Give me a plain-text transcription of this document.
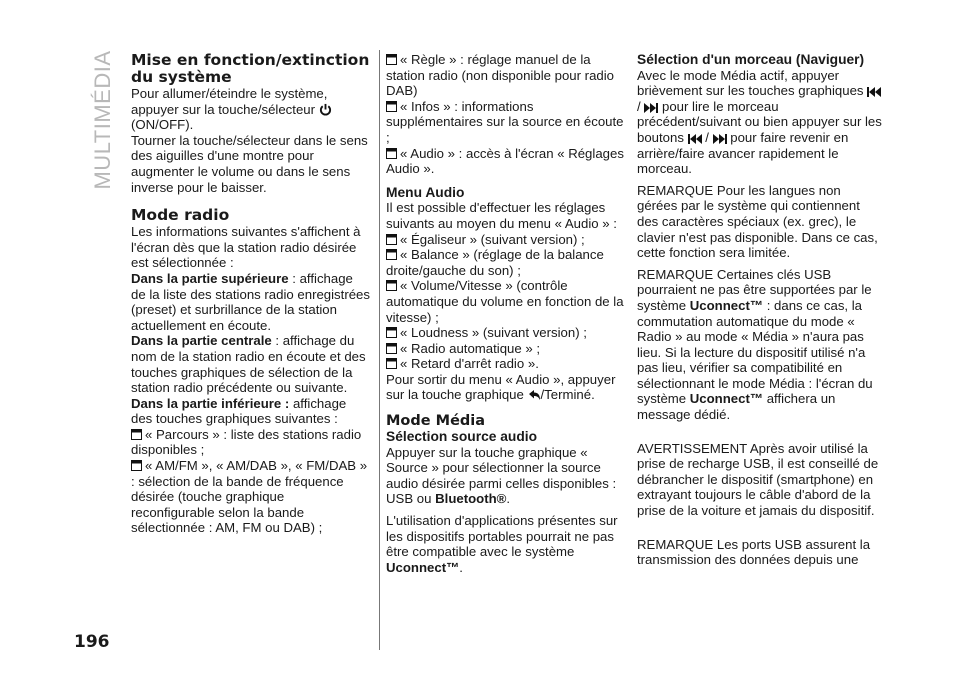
MULTIMÉDIA
196
Mise en fonction/extinction du système

Pour allumer/éteindre le système, appuyer sur la touche/sélecteur
(ON/OFF).

Tourner la touche/sélecteur dans le sens des aiguilles d'une montre pour augmenter le volume ou dans le sens inverse pour le baisser.

Mode radio

Les informations suivantes s'affichent à l'écran dès que la station radio désirée est sélectionnée :

Dans la partie supérieure : affichage de la liste des stations radio enregistrées (preset) et surbrillance de la station actuellement en écoute.

Dans la partie centrale : affichage du nom de la station radio en écoute et des touches graphiques de sélection de la station radio précédente ou suivante.

Dans la partie inférieure : affichage des touches graphiques suivantes :

« Parcours » : liste des stations radio disponibles ;

« AM/FM », « AM/DAB », « FM/DAB » : sélection de la bande de fréquence désirée (touche graphique reconfigurable selon la bande sélectionnée : AM, FM ou DAB) ;

« Règle » : réglage manuel de la station radio (non disponible pour radio DAB)

« Infos » : informations supplémentaires sur la source en écoute ;

« Audio » : accès à l'écran « Réglages Audio ».

Menu Audio

Il est possible d'effectuer les réglages suivants au moyen du menu « Audio » :

« Égaliseur » (suivant version) ;

« Balance » (réglage de la balance droite/gauche du son) ;

« Volume/Vitesse » (contrôle automatique du volume en fonction de la vitesse) ;

« Loudness » (suivant version) ;

« Radio automatique » ;

« Retard d'arrêt radio ».

Pour sortir du menu « Audio », appuyer sur la touche graphique /Terminé.

Mode Média
Sélection source audio

Appuyer sur la touche graphique « Source » pour sélectionner la source audio désirée parmi celles disponibles : USB ou Bluetooth®.

L'utilisation d'applications présentes sur les dispositifs portables pourrait ne pas être compatible avec le système Uconnect™.

Sélection d'un morceau (Naviguer)

Avec le mode Média actif, appuyer brièvement sur les touches graphiques  /  pour lire le morceau précédent/suivant ou bien appuyer sur les boutons  /  pour faire revenir en arrière/faire avancer rapidement le morceau.

REMARQUE Pour les langues non gérées par le système qui contiennent des caractères spéciaux (ex. grec), le clavier n'est pas disponible. Dans ce cas, cette fonction sera limitée.

REMARQUE Certaines clés USB pourraient ne pas être supportées par le système Uconnect™ : dans ce cas, la commutation automatique du mode « Radio » au mode « Média » n'aura pas lieu. Si la lecture du dispositif utilisé n'a pas lieu, vérifier sa compatibilité en sélectionnant le mode Média : l'écran du système Uconnect™ affichera un message dédié.

AVERTISSEMENT Après avoir utilisé la prise de recharge USB, il est conseillé de débrancher le dispositif (smartphone) en extrayant toujours le câble d'abord de la prise de la voiture et jamais du dispositif.

REMARQUE Les ports USB assurent la transmission des données depuis une
